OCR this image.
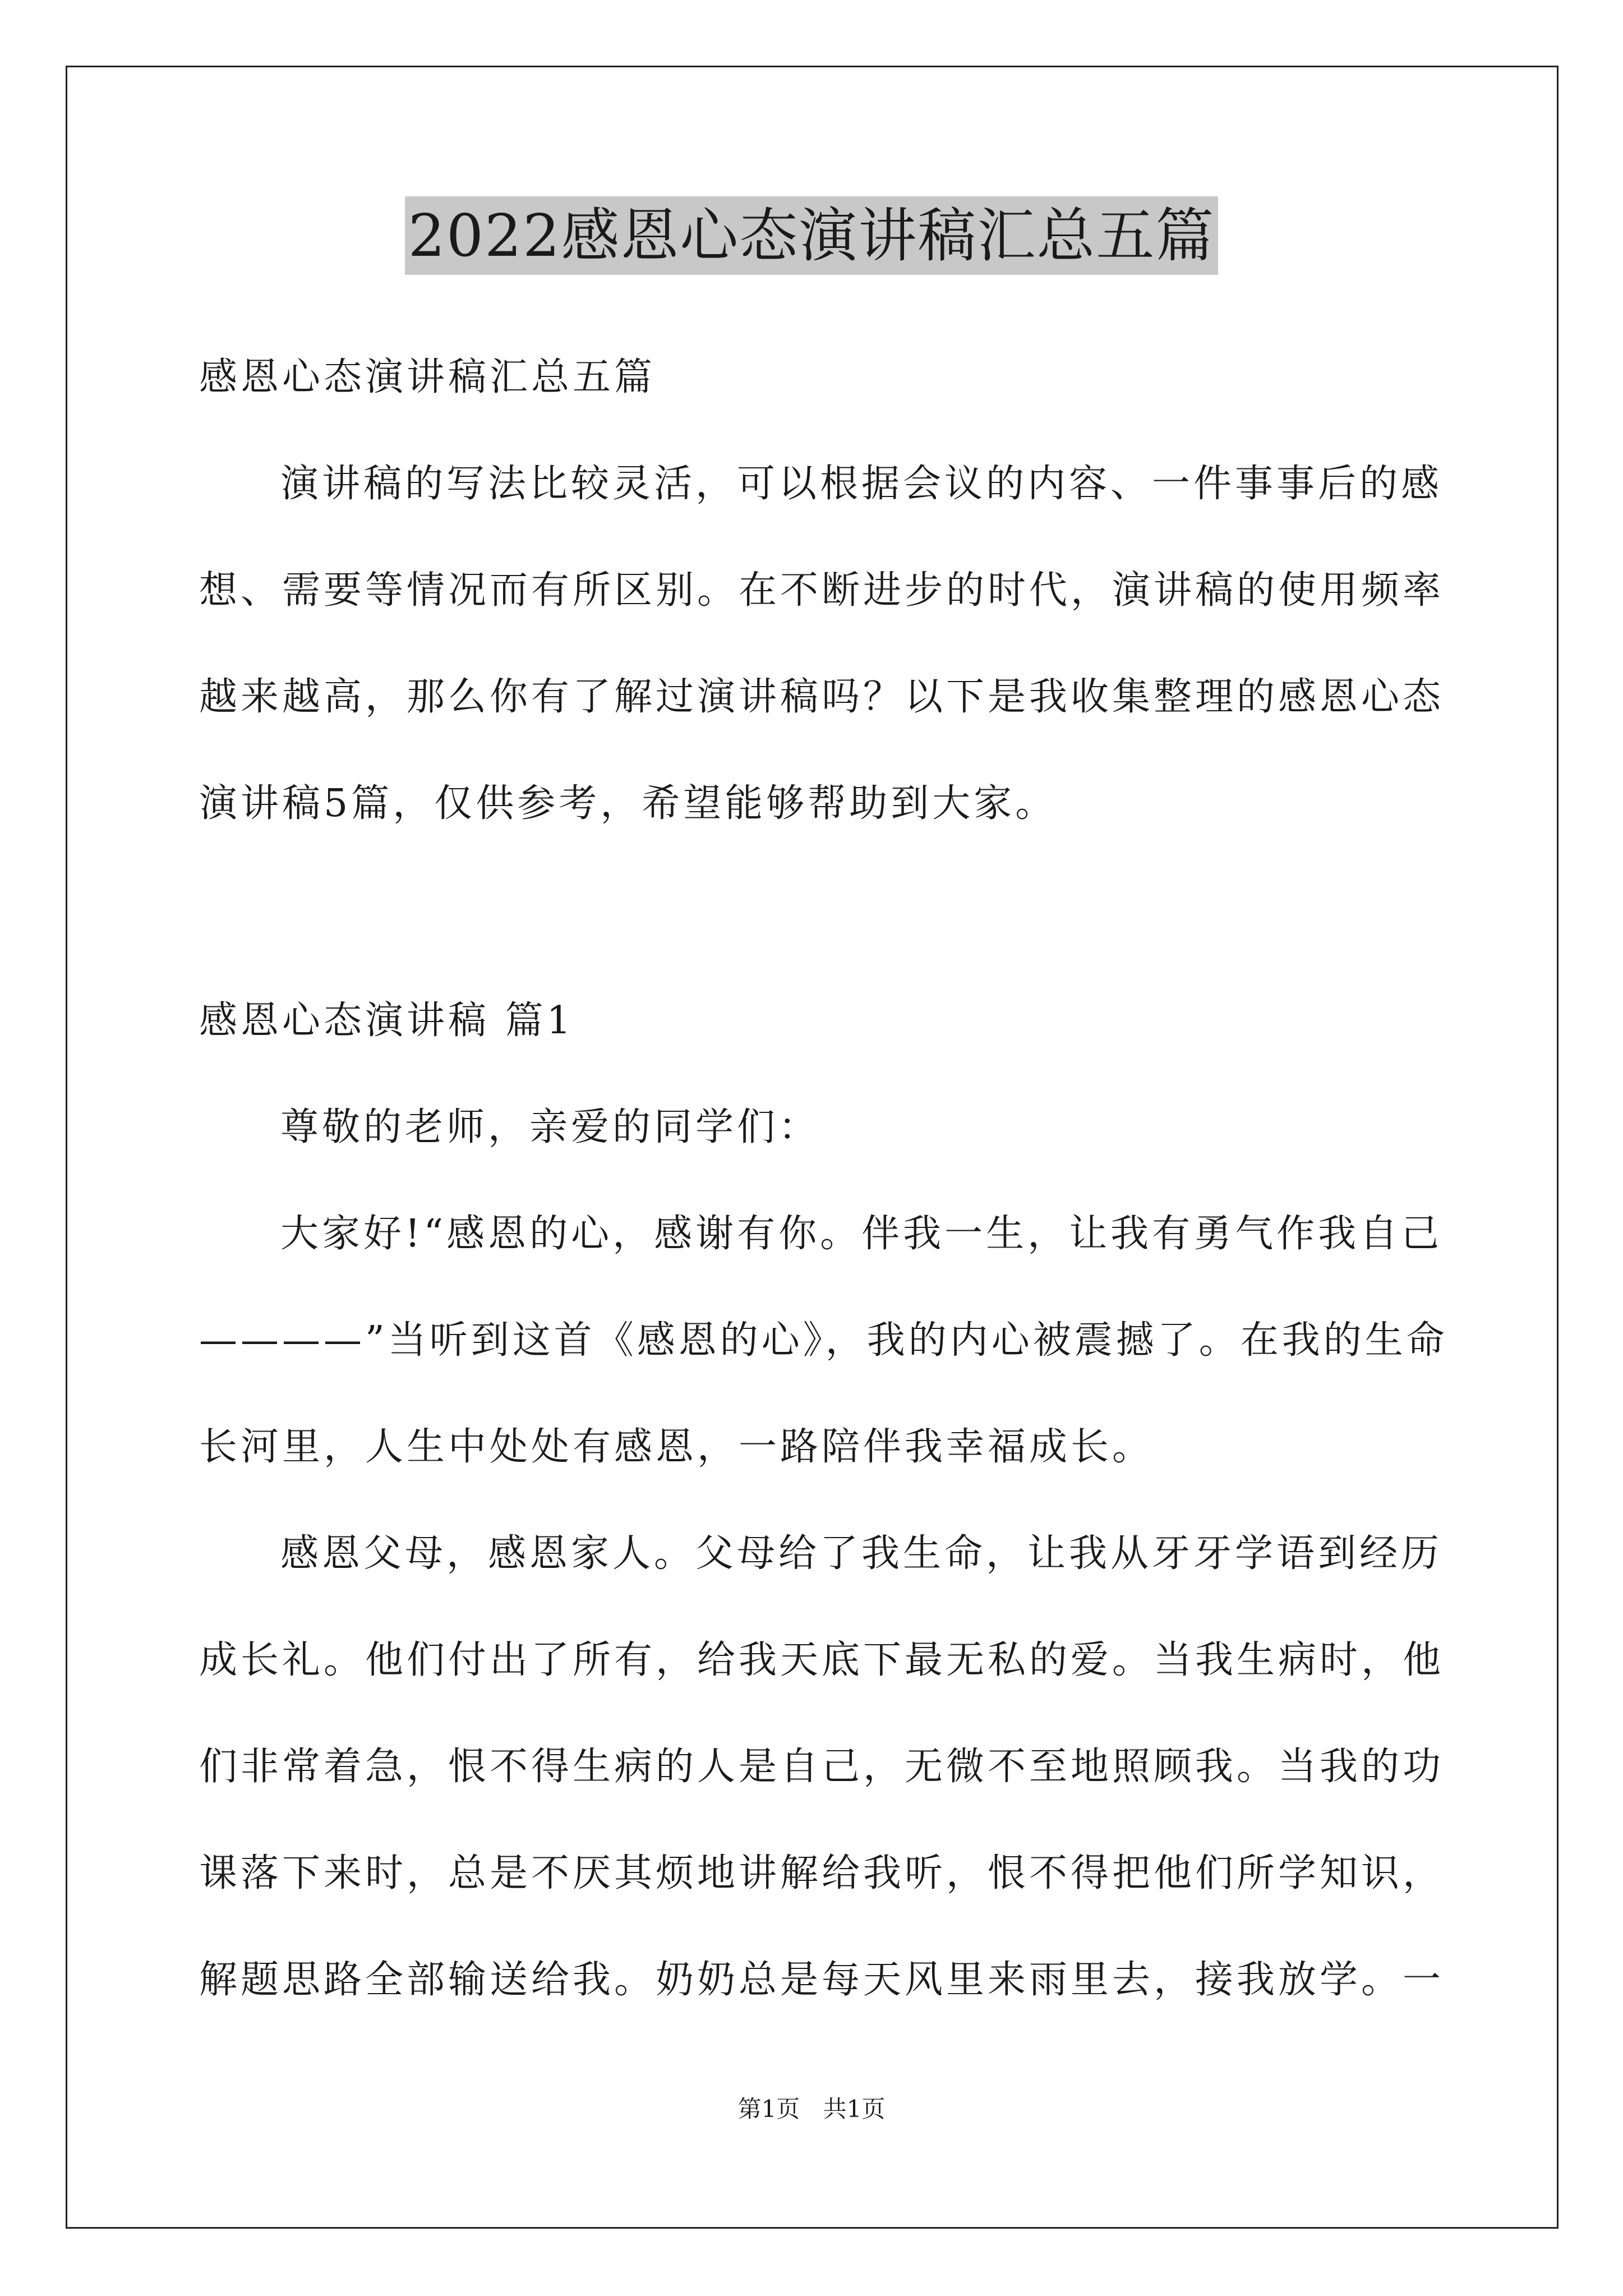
2022感恩心态演讲稿汇总五篇
感恩心态演讲稿汇总五篇
演讲稿的写法比较灵活，可以根据会议的内容、一件事事后的感
想、需要等情况而有所区别。在不断进步的时代，演讲稿的使用频率
越来越高，那么你有了解过演讲稿吗？以下是我收集整理的感恩心态
演讲稿5篇，仅供参考，希望能够帮助到大家。
感恩心态演讲稿 篇1
尊敬的老师，亲爱的同学们：
大家好!“感恩的心，感谢有你。伴我一生，让我有勇气作我自己
————”当听到这首《感恩的心》，我的内心被震撼了。在我的生命
长河里，人生中处处有感恩，一路陪伴我幸福成长。
感恩父母，感恩家人。父母给了我生命，让我从牙牙学语到经历
成长礼。他们付出了所有，给我天底下最无私的爱。当我生病时，他
们非常着急，恨不得生病的人是自己，无微不至地照顾我。当我的功
课落下来时，总是不厌其烦地讲解给我听，恨不得把他们所学知识，
解题思路全部输送给我。奶奶总是每天风里来雨里去，接我放学。一
第1页 共1页
